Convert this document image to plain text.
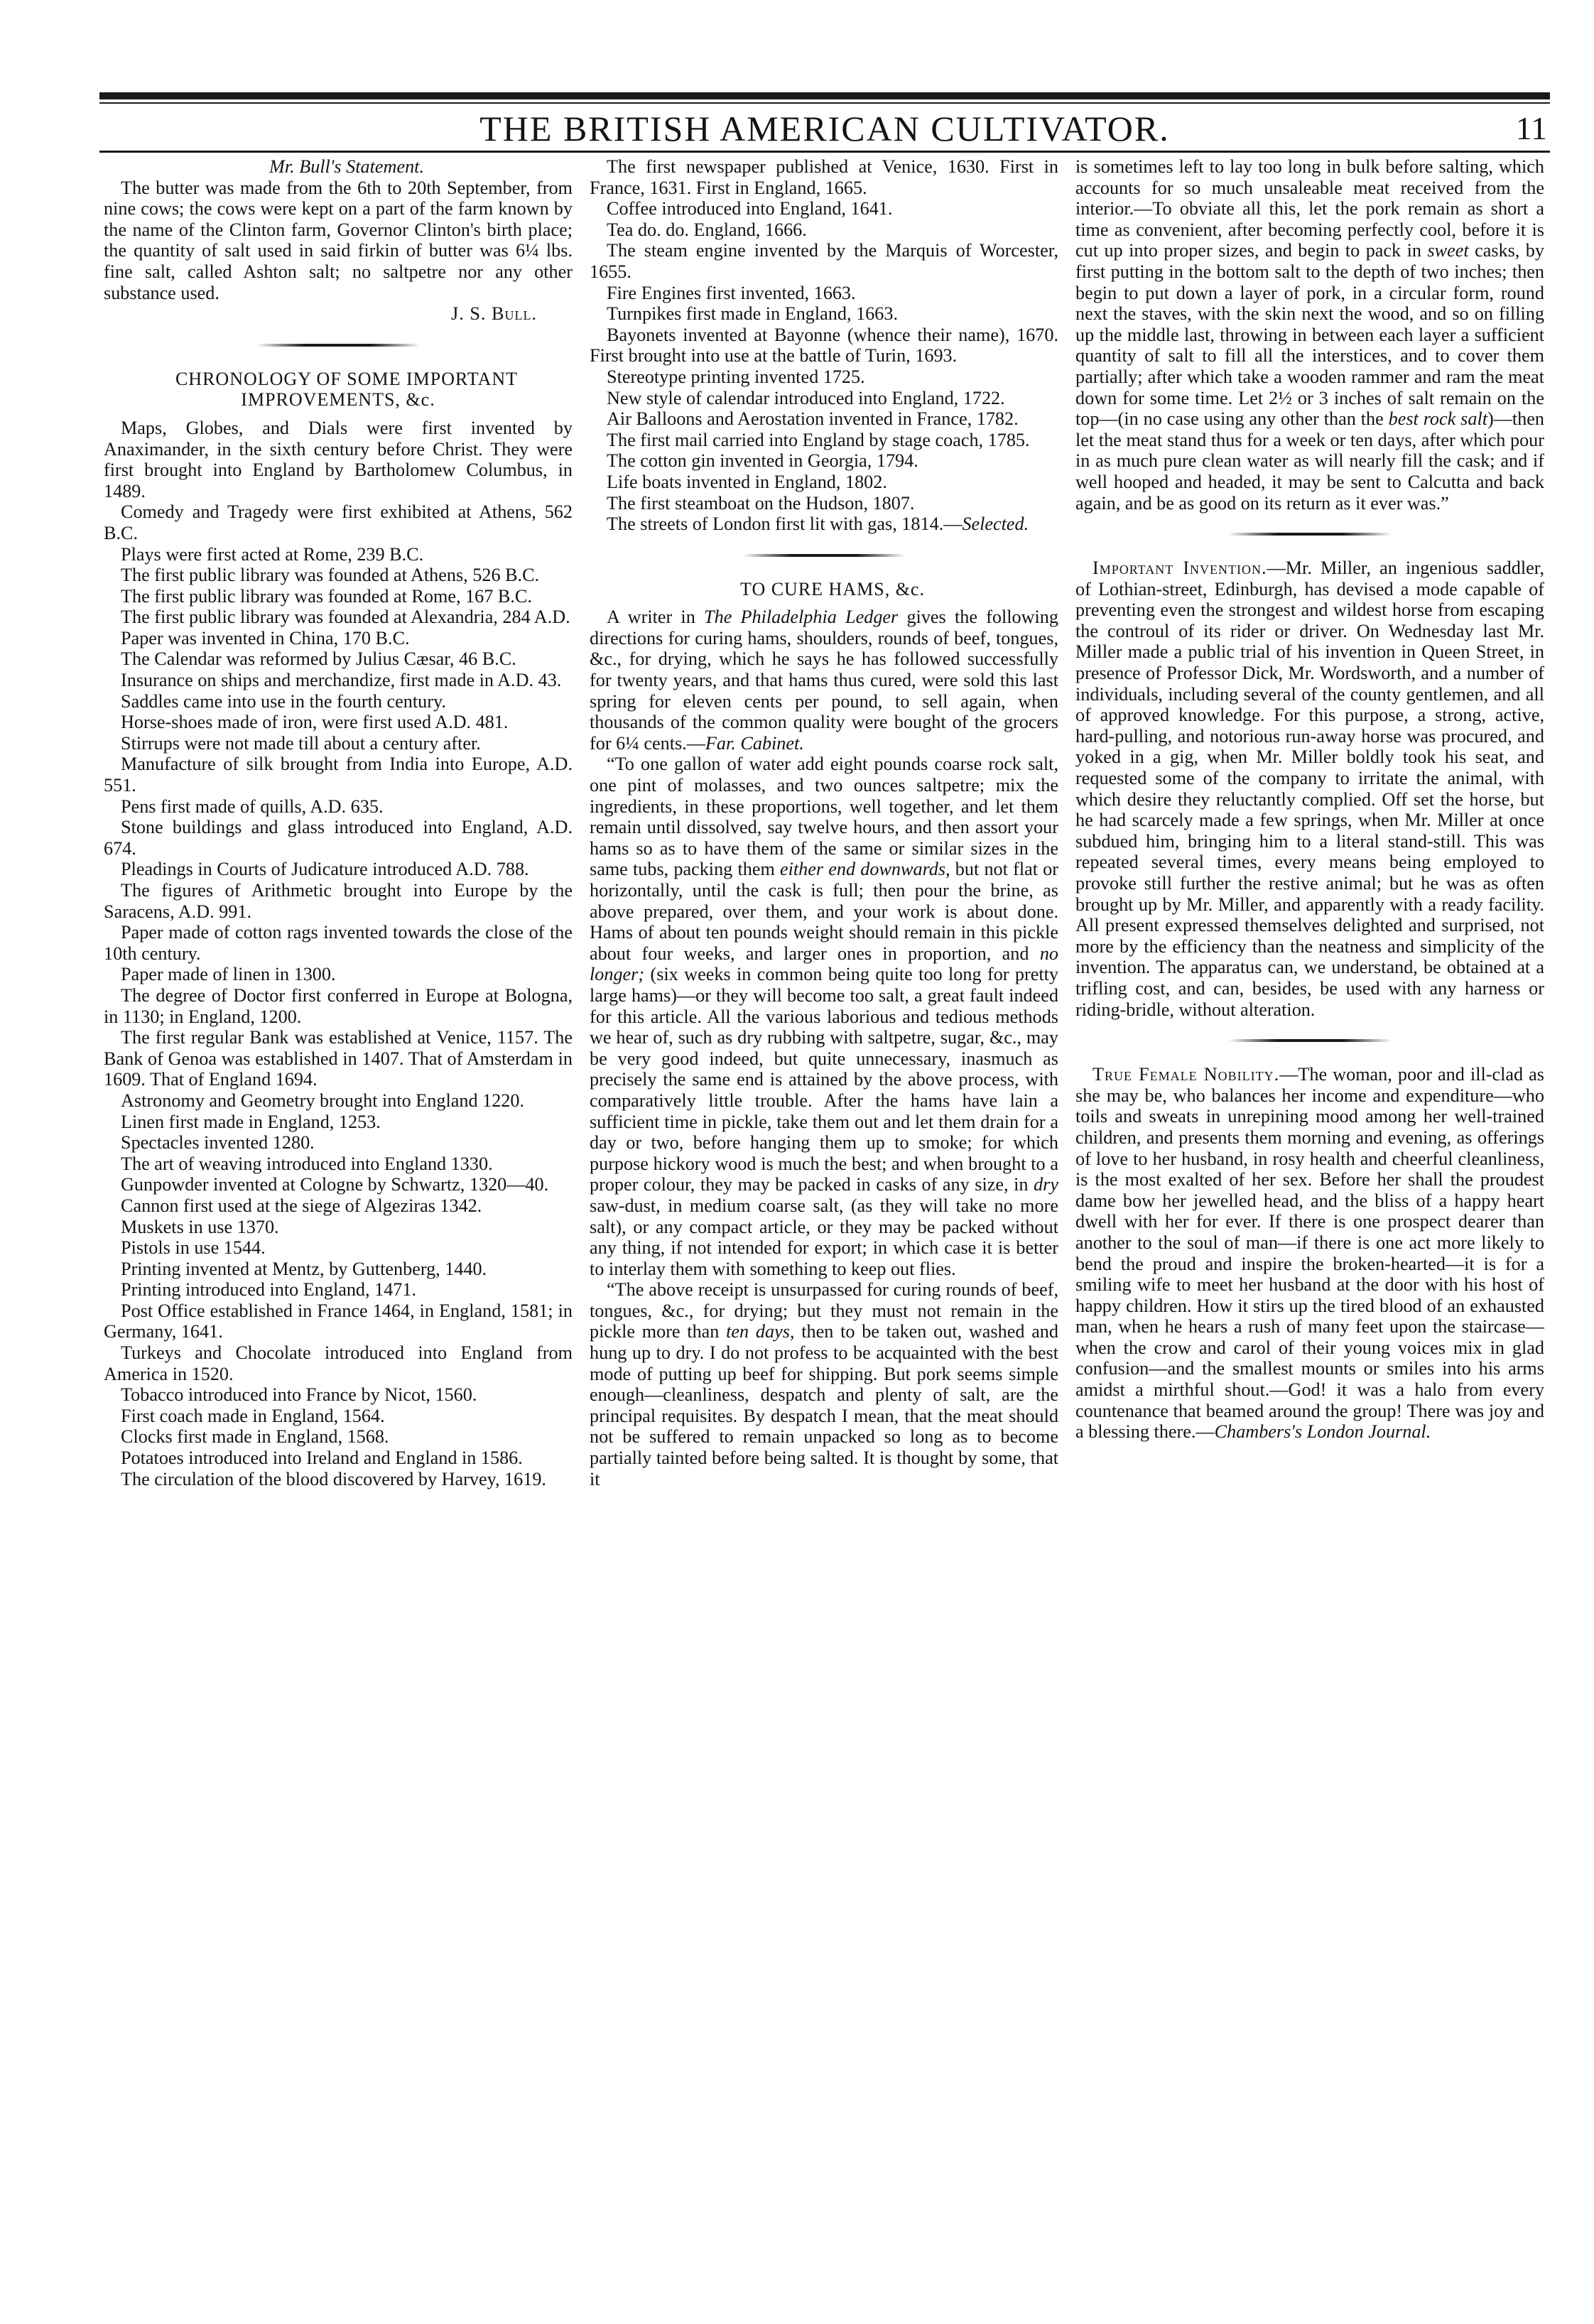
THE BRITISH AMERICAN CULTIVATOR.	11

Mr. Bull's Statement.

The butter was made from the 6th to 20th September, from nine cows; the cows were kept on a part of the farm known by the name of the Clinton farm, Governor Clinton's birth place; the quantity of salt used in said firkin of butter was 6¼ lbs. fine salt, called Ashton salt; no saltpetre nor any other substance used.

J. S. Bull.

CHRONOLOGY OF SOME IMPORTANT
IMPROVEMENTS, &c.

Maps, Globes, and Dials were first invented by Anaximander, in the sixth century before Christ. They were first brought into England by Bartholomew Columbus, in 1489.

Comedy and Tragedy were first exhibited at Athens, 562 B.C.

Plays were first acted at Rome, 239 B.C.

The first public library was founded at Athens, 526 B.C.

The first public library was founded at Rome, 167 B.C.

The first public library was founded at Alexandria, 284 A.D.

Paper was invented in China, 170 B.C.

The Calendar was reformed by Julius Cæsar, 46 B.C.

Insurance on ships and merchandize, first made in A.D. 43.

Saddles came into use in the fourth century.

Horse-shoes made of iron, were first used A.D. 481.

Stirrups were not made till about a century after.

Manufacture of silk brought from India into Europe, A.D. 551.

Pens first made of quills, A.D. 635.

Stone buildings and glass introduced into England, A.D. 674.

Pleadings in Courts of Judicature introduced A.D. 788.

The figures of Arithmetic brought into Europe by the Saracens, A.D. 991.

Paper made of cotton rags invented towards the close of the 10th century.

Paper made of linen in 1300.

The degree of Doctor first conferred in Europe at Bologna, in 1130; in England, 1200.

The first regular Bank was established at Venice, 1157. The Bank of Genoa was established in 1407. That of Amsterdam in 1609. That of England 1694.

Astronomy and Geometry brought into England 1220.

Linen first made in England, 1253.

Spectacles invented 1280.

The art of weaving introduced into England 1330.

Gunpowder invented at Cologne by Schwartz, 1320—40.

Cannon first used at the siege of Algeziras 1342.

Muskets in use 1370.

Pistols in use 1544.

Printing invented at Mentz, by Guttenberg, 1440.

Printing introduced into England, 1471.

Post Office established in France 1464, in England, 1581; in Germany, 1641.

Turkeys and Chocolate introduced into England from America in 1520.

Tobacco introduced into France by Nicot, 1560.

First coach made in England, 1564.

Clocks first made in England, 1568.

Potatoes introduced into Ireland and England in 1586.

The circulation of the blood discovered by Harvey, 1619.

The first newspaper published at Venice, 1630. First in France, 1631. First in England, 1665.

Coffee introduced into England, 1641.

Tea do. do. England, 1666.

The steam engine invented by the Marquis of Worcester, 1655.

Fire Engines first invented, 1663.

Turnpikes first made in England, 1663.

Bayonets invented at Bayonne (whence their name), 1670. First brought into use at the battle of Turin, 1693.

Stereotype printing invented 1725.

New style of calendar introduced into England, 1722.

Air Balloons and Aerostation invented in France, 1782.

The first mail carried into England by stage coach, 1785.

The cotton gin invented in Georgia, 1794.

Life boats invented in England, 1802.

The first steamboat on the Hudson, 1807.

The streets of London first lit with gas, 1814.—Selected.

TO CURE HAMS, &c.

A writer in The Philadelphia Ledger gives the following directions for curing hams, shoulders, rounds of beef, tongues, &c., for drying, which he says he has followed successfully for twenty years, and that hams thus cured, were sold this last spring for eleven cents per pound, to sell again, when thousands of the common quality were bought of the grocers for 6¼ cents.—Far. Cabinet.

“To one gallon of water add eight pounds coarse rock salt, one pint of molasses, and two ounces saltpetre; mix the ingredients, in these proportions, well together, and let them remain until dissolved, say twelve hours, and then assort your hams so as to have them of the same or similar sizes in the same tubs, packing them either end downwards, but not flat or horizontally, until the cask is full; then pour the brine, as above prepared, over them, and your work is about done. Hams of about ten pounds weight should remain in this pickle about four weeks, and larger ones in proportion, and no longer; (six weeks in common being quite too long for pretty large hams)—or they will become too salt, a great fault indeed for this article. All the various laborious and tedious methods we hear of, such as dry rubbing with saltpetre, sugar, &c., may be very good indeed, but quite unnecessary, inasmuch as precisely the same end is attained by the above process, with comparatively little trouble. After the hams have lain a sufficient time in pickle, take them out and let them drain for a day or two, before hanging them up to smoke; for which purpose hickory wood is much the best; and when brought to a proper colour, they may be packed in casks of any size, in dry saw-dust, in medium coarse salt, (as they will take no more salt), or any compact article, or they may be packed without any thing, if not intended for export; in which case it is better to interlay them with something to keep out flies.

“The above receipt is unsurpassed for curing rounds of beef, tongues, &c., for drying; but they must not remain in the pickle more than ten days, then to be taken out, washed and hung up to dry. I do not profess to be acquainted with the best mode of putting up beef for shipping. But pork seems simple enough—cleanliness, despatch and plenty of salt, are the principal requisites. By despatch I mean, that the meat should not be suffered to remain unpacked so long as to become partially tainted before being salted. It is thought by some, that it

is sometimes left to lay too long in bulk before salting, which accounts for so much unsaleable meat received from the interior.—To obviate all this, let the pork remain as short a time as convenient, after becoming perfectly cool, before it is cut up into proper sizes, and begin to pack in sweet casks, by first putting in the bottom salt to the depth of two inches; then begin to put down a layer of pork, in a circular form, round next the staves, with the skin next the wood, and so on filling up the middle last, throwing in between each layer a sufficient quantity of salt to fill all the interstices, and to cover them partially; after which take a wooden rammer and ram the meat down for some time. Let 2½ or 3 inches of salt remain on the top—(in no case using any other than the best rock salt)—then let the meat stand thus for a week or ten days, after which pour in as much pure clean water as will nearly fill the cask; and if well hooped and headed, it may be sent to Calcutta and back again, and be as good on its return as it ever was.”

Important Invention.—Mr. Miller, an ingenious saddler, of Lothian-street, Edinburgh, has devised a mode capable of preventing even the strongest and wildest horse from escaping the controul of its rider or driver. On Wednesday last Mr. Miller made a public trial of his invention in Queen Street, in presence of Professor Dick, Mr. Wordsworth, and a number of individuals, including several of the county gentlemen, and all of approved knowledge. For this purpose, a strong, active, hard-pulling, and notorious run-away horse was procured, and yoked in a gig, when Mr. Miller boldly took his seat, and requested some of the company to irritate the animal, with which desire they reluctantly complied. Off set the horse, but he had scarcely made a few springs, when Mr. Miller at once subdued him, bringing him to a literal stand-still. This was repeated several times, every means being employed to provoke still further the restive animal; but he was as often brought up by Mr. Miller, and apparently with a ready facility. All present expressed themselves delighted and surprised, not more by the efficiency than the neatness and simplicity of the invention. The apparatus can, we understand, be obtained at a trifling cost, and can, besides, be used with any harness or riding-bridle, without alteration.

True Female Nobility.—The woman, poor and ill-clad as she may be, who balances her income and expenditure—who toils and sweats in unrepining mood among her well-trained children, and presents them morning and evening, as offerings of love to her husband, in rosy health and cheerful cleanliness, is the most exalted of her sex. Before her shall the proudest dame bow her jewelled head, and the bliss of a happy heart dwell with her for ever. If there is one prospect dearer than another to the soul of man—if there is one act more likely to bend the proud and inspire the broken-hearted—it is for a smiling wife to meet her husband at the door with his host of happy children. How it stirs up the tired blood of an exhausted man, when he hears a rush of many feet upon the staircase—when the crow and carol of their young voices mix in glad confusion—and the smallest mounts or smiles into his arms amidst a mirthful shout.—God! it was a halo from every countenance that beamed around the group! There was joy and a blessing there.—Chambers's London Journal.
